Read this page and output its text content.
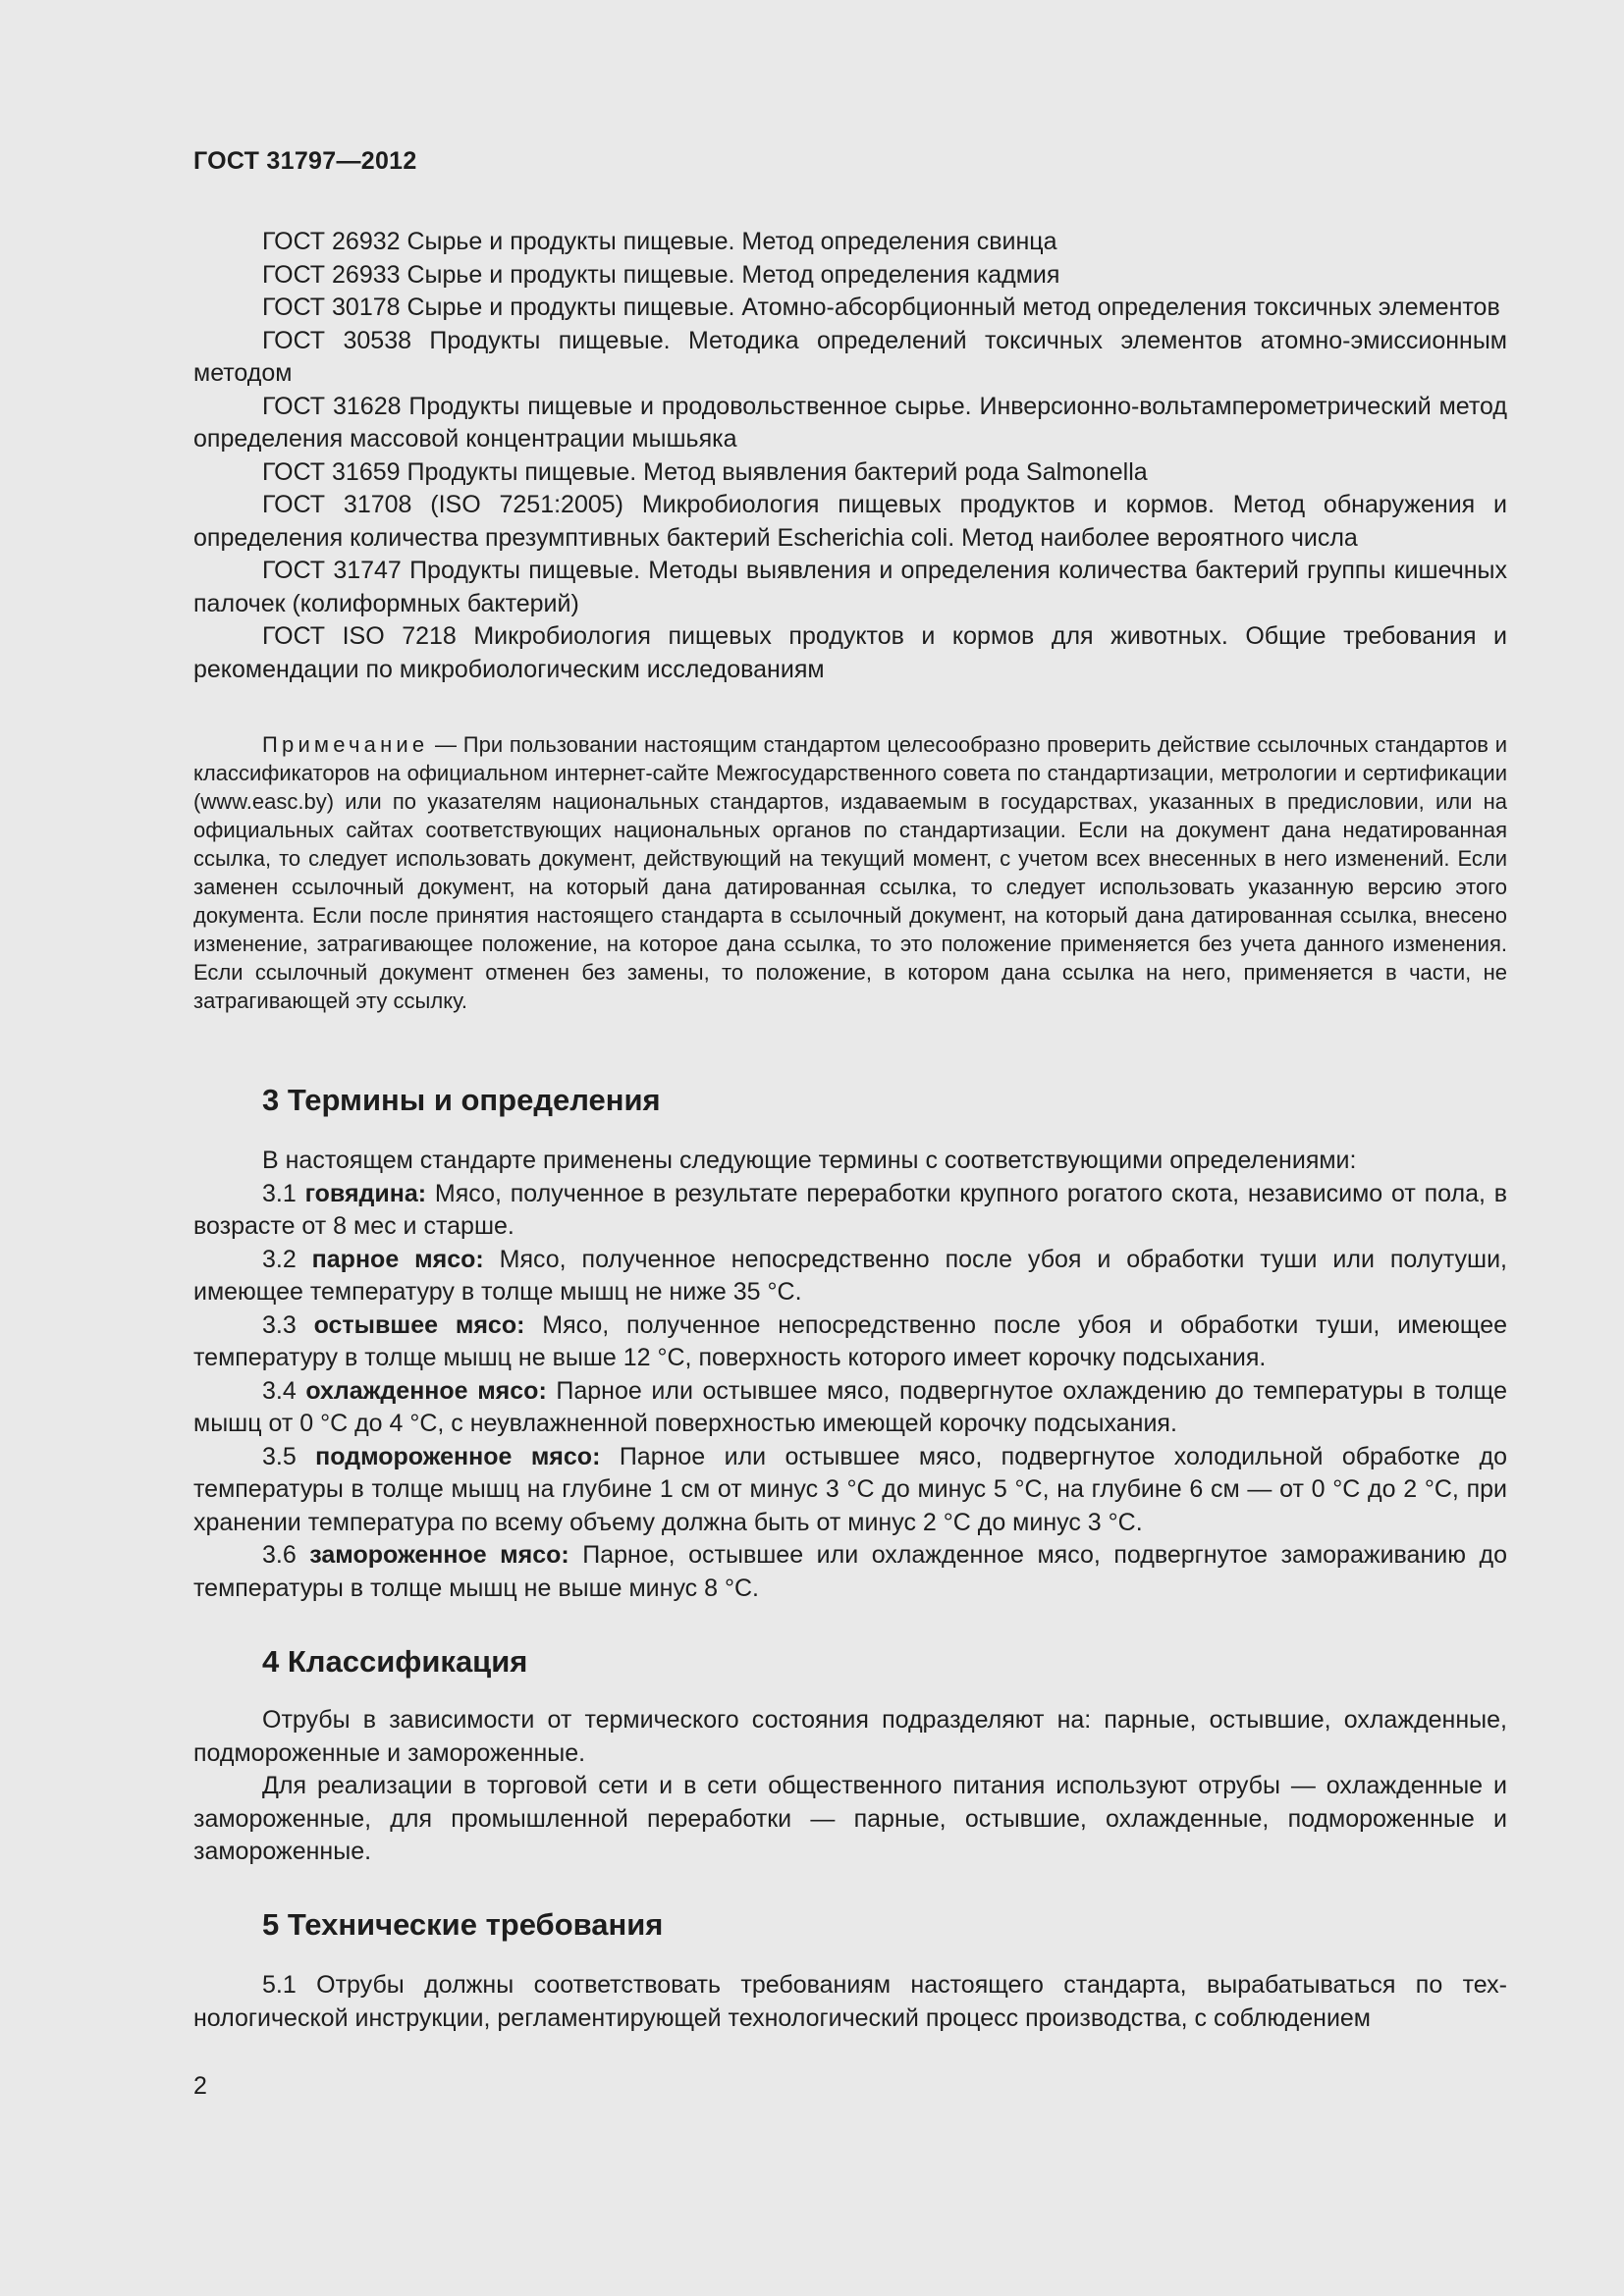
ГОСТ 31797—2012

ГОСТ 26932 Сырье и продукты пищевые. Метод определения свинца

ГОСТ 26933 Сырье и продукты пищевые. Метод определения кадмия

ГОСТ 30178 Сырье и продукты пищевые. Атомно-абсорбционный метод определения токсичных элементов

ГОСТ 30538 Продукты пищевые. Методика определений токсичных элементов атомно-эмиссионным методом

ГОСТ 31628 Продукты пищевые и продовольственное сырье. Инверсионно-вольтамперометрический метод определения массовой концентрации мышьяка

ГОСТ 31659 Продукты пищевые. Метод выявления бактерий рода Salmonella

ГОСТ 31708 (ISO 7251:2005) Микробиология пищевых продуктов и кормов. Метод обнаружения и определения количества презумптивных бактерий Escherichia coli. Метод наиболее вероятного числа

ГОСТ 31747 Продукты пищевые. Методы выявления и определения количества бактерий группы кишечных палочек (колиформных бактерий)

ГОСТ ISO 7218 Микробиология пищевых продуктов и кормов для животных. Общие требования и рекомендации по микробиологическим исследованиям

Примечание — При пользовании настоящим стандартом целесообразно проверить действие ссылочных стандартов и классификаторов на официальном интернет-сайте Межгосударственного совета по стандартизации, метрологии и сертификации (www.easc.by) или по указателям национальных стандартов, издаваемым в государствах, указанных в предисловии, или на официальных сайтах соответствующих национальных органов по стандартизации. Если на документ дана недатированная ссылка, то следует использовать документ, действующий на текущий момент, с учетом всех внесенных в него изменений. Если заменен ссылочный документ, на который дана датированная ссылка, то следует использовать указанную версию этого документа. Если после принятия настоящего стандарта в ссылочный документ, на который дана датированная ссылка, внесено изменение, затрагивающее положение, на которое дана ссылка, то это положение применяется без учета данного изменения. Если ссылочный документ отменен без замены, то положение, в котором дана ссылка на него, применяется в части, не затрагивающей эту ссылку.

3 Термины и определения

В настоящем стандарте применены следующие термины с соответствующими определениями:

3.1 говядина: Мясо, полученное в результате переработки крупного рогатого скота, независимо от пола, в возрасте от 8 мес и старше.

3.2 парное мясо: Мясо, полученное непосредственно после убоя и обработки туши или полутуши, имеющее температуру в толще мышц не ниже 35 °С.

3.3 остывшее мясо: Мясо, полученное непосредственно после убоя и обработки туши, имеющее температуру в толще мышц не выше 12 °С, поверхность которого имеет корочку подсыхания.

3.4 охлажденное мясо: Парное или остывшее мясо, подвергнутое охлаждению до температуры в толще мышц от 0 °С до 4 °С, с неувлажненной поверхностью имеющей корочку подсыхания.

3.5 подмороженное мясо: Парное или остывшее мясо, подвергнутое холодильной обработке до температуры в толще мышц на глубине 1 см от минус 3 °С до минус 5 °С, на глубине 6 см — от 0 °С до 2 °С, при хранении температура по всему объему должна быть от минус 2 °С до минус 3 °С.

3.6 замороженное мясо: Парное, остывшее или охлажденное мясо, подвергнутое замораживанию до температуры в толще мышц не выше минус 8 °С.

4 Классификация

Отрубы в зависимости от термического состояния подразделяют на: парные, остывшие, охлажденные, подмороженные и замороженные.

Для реализации в торговой сети и в сети общественного питания используют отрубы — охлажденные и замороженные, для промышленной переработки — парные, остывшие, охлажденные, подмороженные и замороженные.

5 Технические требования

5.1 Отрубы должны соответствовать требованиям настоящего стандарта, вырабатываться по технологической инструкции, регламентирующей технологический процесс производства, с соблюдением

2
